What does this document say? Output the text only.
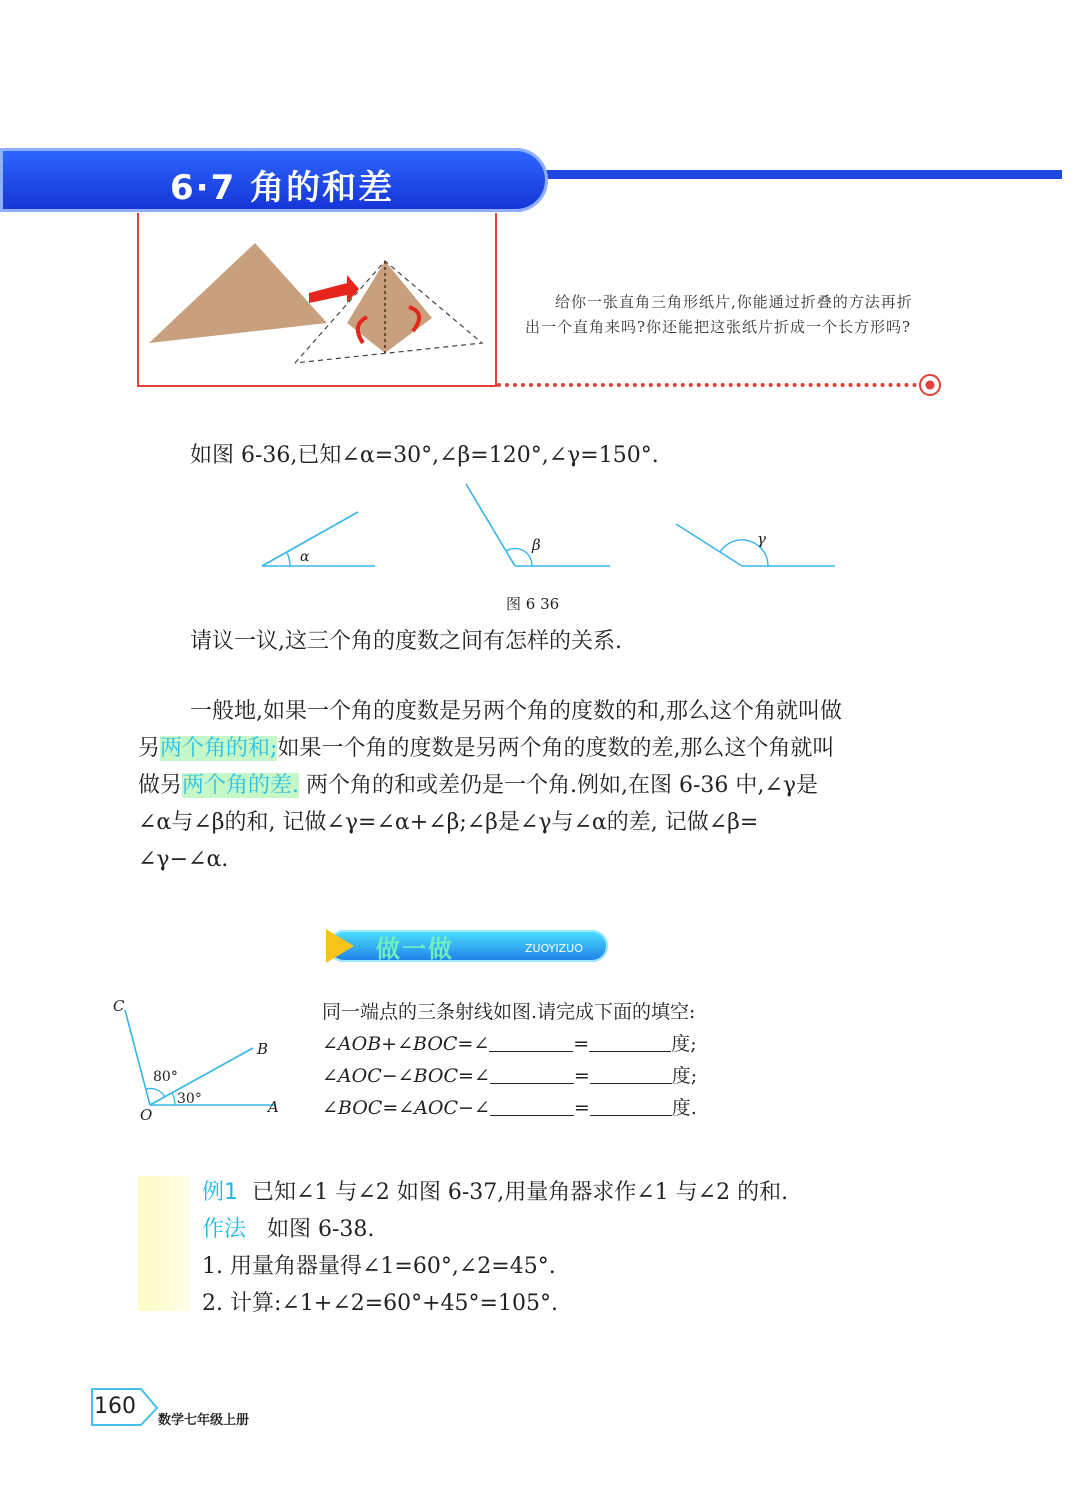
6·7 角的和差
给你一张直角三角形纸片,你能通过折叠的方法再折出一个直角来吗?你还能把这张纸片折成一个长方形吗?
如图 6-36,已知∠α=30°,∠β=120°,∠γ=150°.
α
β	γ
图 6 36
请议一议,这三个角的度数之间有怎样的关系.
一般地,如果一个角的度数是另两个角的度数的和,那么这个角就叫做
另两个角的和;如果一个角的度数是另两个角的度数的差,那么这个角就叫
做另两个角的差. 两个角的和或差仍是一个角.例如,在图 6-36 中,∠γ是
∠α与∠β的和, 记做∠γ=∠α+∠β;∠β是∠γ与∠α的差, 记做∠β=
∠γ−∠α.
做一做	ZUOYIZUO
C
B
O	A
80°
30°
同一端点的三条射线如图.请完成下面的填空:
∠AOB+∠BOC=∠	=	度;
∠AOC−∠BOC=∠	=	度;
∠BOC=∠AOC−∠	=	度.
例1 已知∠1 与∠2 如图 6-37,用量角器求作∠1 与∠2 的和.
作法 如图 6-38.
1. 用量角器量得∠1=60°,∠2=45°.
2. 计算:∠1+∠2=60°+45°=105°.
160
数学七年级上册
